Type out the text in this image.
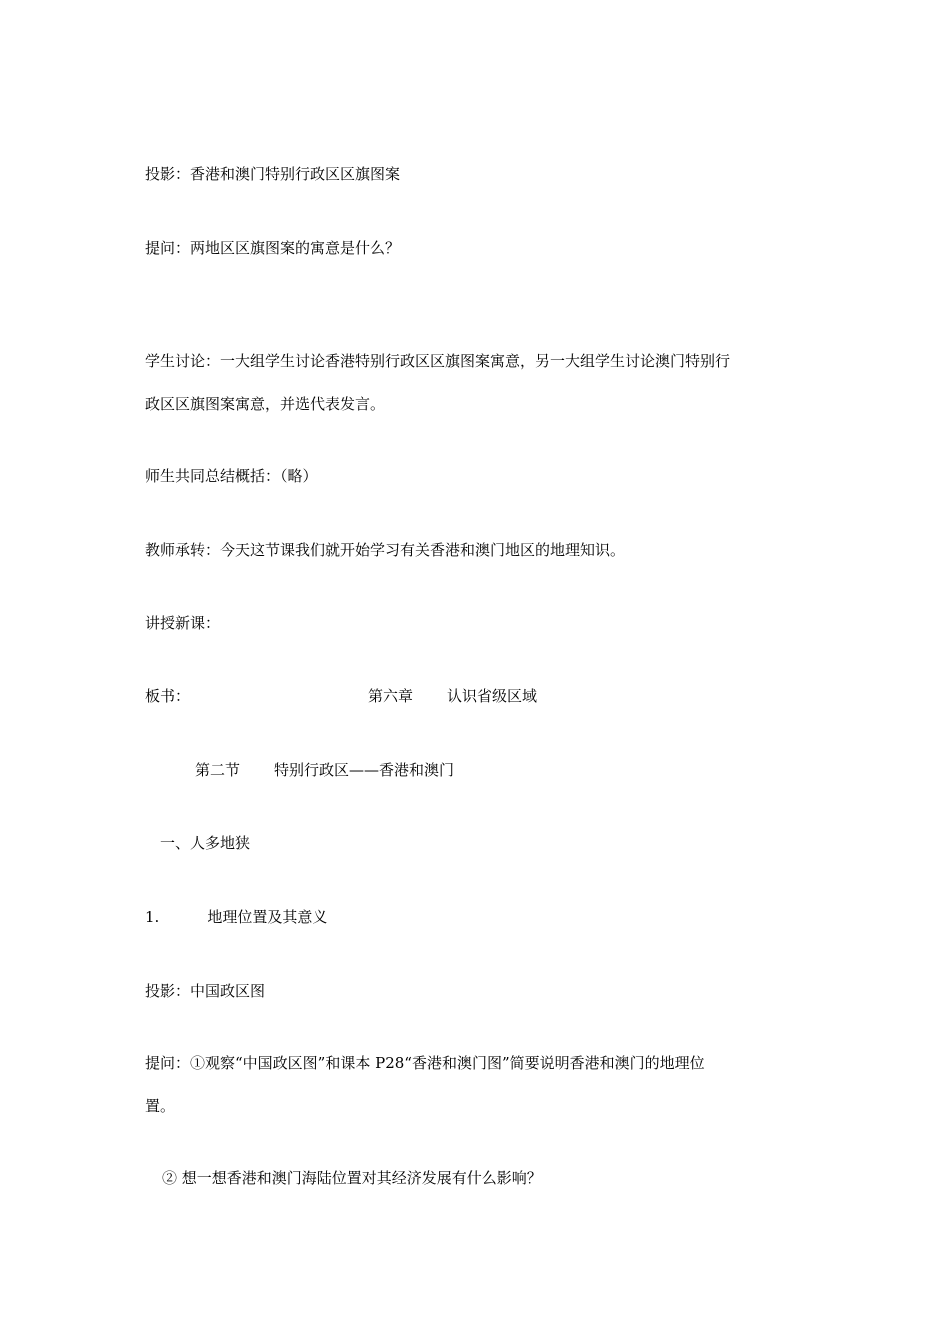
投影：香港和澳门特别行政区区旗图案
提问：两地区区旗图案的寓意是什么？
学生讨论：一大组学生讨论香港特别行政区区旗图案寓意，另一大组学生讨论澳门特别行
政区区旗图案寓意，并选代表发言。
师生共同总结概括：（略）
教师承转：今天这节课我们就开始学习有关香港和澳门地区的地理知识。
讲授新课：
板书：	第六章 认识省级区域
第二节 特别行政区——香港和澳门
一、人多地狭
1.	地理位置及其意义
投影：中国政区图
提问：①观察“中国政区图”和课本 P28“香港和澳门图”简要说明香港和澳门的地理位
置。
② 想一想香港和澳门海陆位置对其经济发展有什么影响？
